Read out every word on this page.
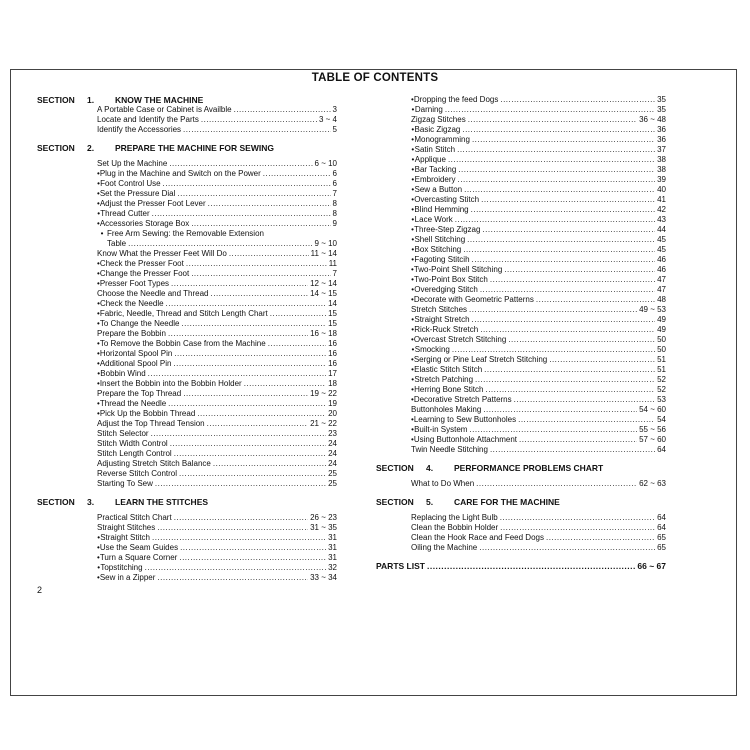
TABLE OF CONTENTS
SECTION 1. KNOW THE MACHINE
A Portable Case or Cabinet is Availble .....	3
Locate and Identify the Parts .....	3 ~ 4
Identify the Accessories .....	5
SECTION 2. PREPARE THE MACHINE FOR SEWING
Set Up the Machine .....	6 ~ 10
• Plug in the Machine and Switch on the Power .....	6
• Foot Control Use .....	6
• Set the Pressure Dial .....	7
• Adjust the Presser Foot Lever .....	8
• Thread Cutter .....	8
• Accessories Storage Box .....	9
• Free Arm Sewing: the Removable Extension
Table .....	9 ~ 10
Know What the Presser Feet Will Do .....	11 ~ 14
• Check the Presser Foot .....	11
• Change the Presser Foot .....	7
• Presser Foot Types .....	12 ~ 14
Choose the Needle and Thread .....	14 ~ 15
• Check the Needle .....	14
• Fabric, Needle, Thread and Stitch Length Chart .....	15
• To Change the Needle .....	15
Prepare the Bobbin .....	16 ~ 18
• To Remove the Bobbin Case from the Machine .....	16
• Horizontal Spool Pin .....	16
• Additional Spool Pin .....	16
• Bobbin Wind .....	17
• Insert the Bobbin into the Bobbin Holder .....	18
Prepare the Top Thread .....	19 ~ 22
• Thread the Needle .....	19
• Pick Up the Bobbin Thread .....	20
Adjust the Top Thread Tension .....	21 ~ 22
Stitch Selector .....	23
Stitch Width Control .....	24
Stitch Length Control .....	24
Adjusting Stretch Stitch Balance .....	24
Reverse Stitch Control .....	25
Starting To Sew .....	25
SECTION 3. LEARN THE STITCHES
Practical Stitch Chart .....	26 ~ 23
Straight Stitches .....	31 ~ 35
• Straight Stitch .....	31
• Use the Seam Guides .....	31
• Turn a Square Corner .....	31
• Topstitching .....	32
• Sew in a Zipper .....	33 ~ 34
• Dropping the feed Dogs .....	35
• Darning .....	35
Zigzag Stitches .....	36 ~ 48
• Basic Zigzag .....	36
• Monogramming .....	36
• Satin Stitch .....	37
• Applique .....	38
• Bar Tacking .....	38
• Embroidery .....	39
• Sew a Button .....	40
• Overcasting Stitch .....	41
• Blind Hemming .....	42
• Lace Work .....	43
• Three-Step Zigzag .....	44
• Shell Stitching .....	45
• Box Stitching .....	45
• Fagoting Stitcih .....	46
• Two-Point Shell Stitching .....	46
• Two-Point Box Stitch .....	47
• Overedging Stitch .....	47
• Decorate with Geometric Patterns .....	48
Stretch Stitches .....	49 ~ 53
• Straight Stretch .....	49
• Rick-Ruck Stretch .....	49
• Overcast Stretch Stitching .....	50
• Smocking .....	50
• Serging or Pine Leaf Stretch Stitching .....	51
• Elastic Stitch Stitch .....	51
• Stretch Patching .....	52
• Herring Bone Stitch .....	52
• Decorative Stretch Patterns .....	53
Buttonholes Making .....	54 ~ 60
• Learning to Sew Buttonholes .....	54
• Built-in System .....	55 ~ 56
• Using Buttonhole Attachment .....	57 ~ 60
Twin Needle Stitching .....	64
SECTION 4. PERFORMANCE PROBLEMS CHART
What to Do When .....	62 ~ 63
SECTION 5. CARE FOR THE MACHINE
Replacing the Light Bulb .....	64
Clean the Bobbin Holder .....	64
Clean the Hook Race and Feed Dogs .....	65
Oiling the Machine .....	65
PARTS LIST .....	66 ~ 67
2
